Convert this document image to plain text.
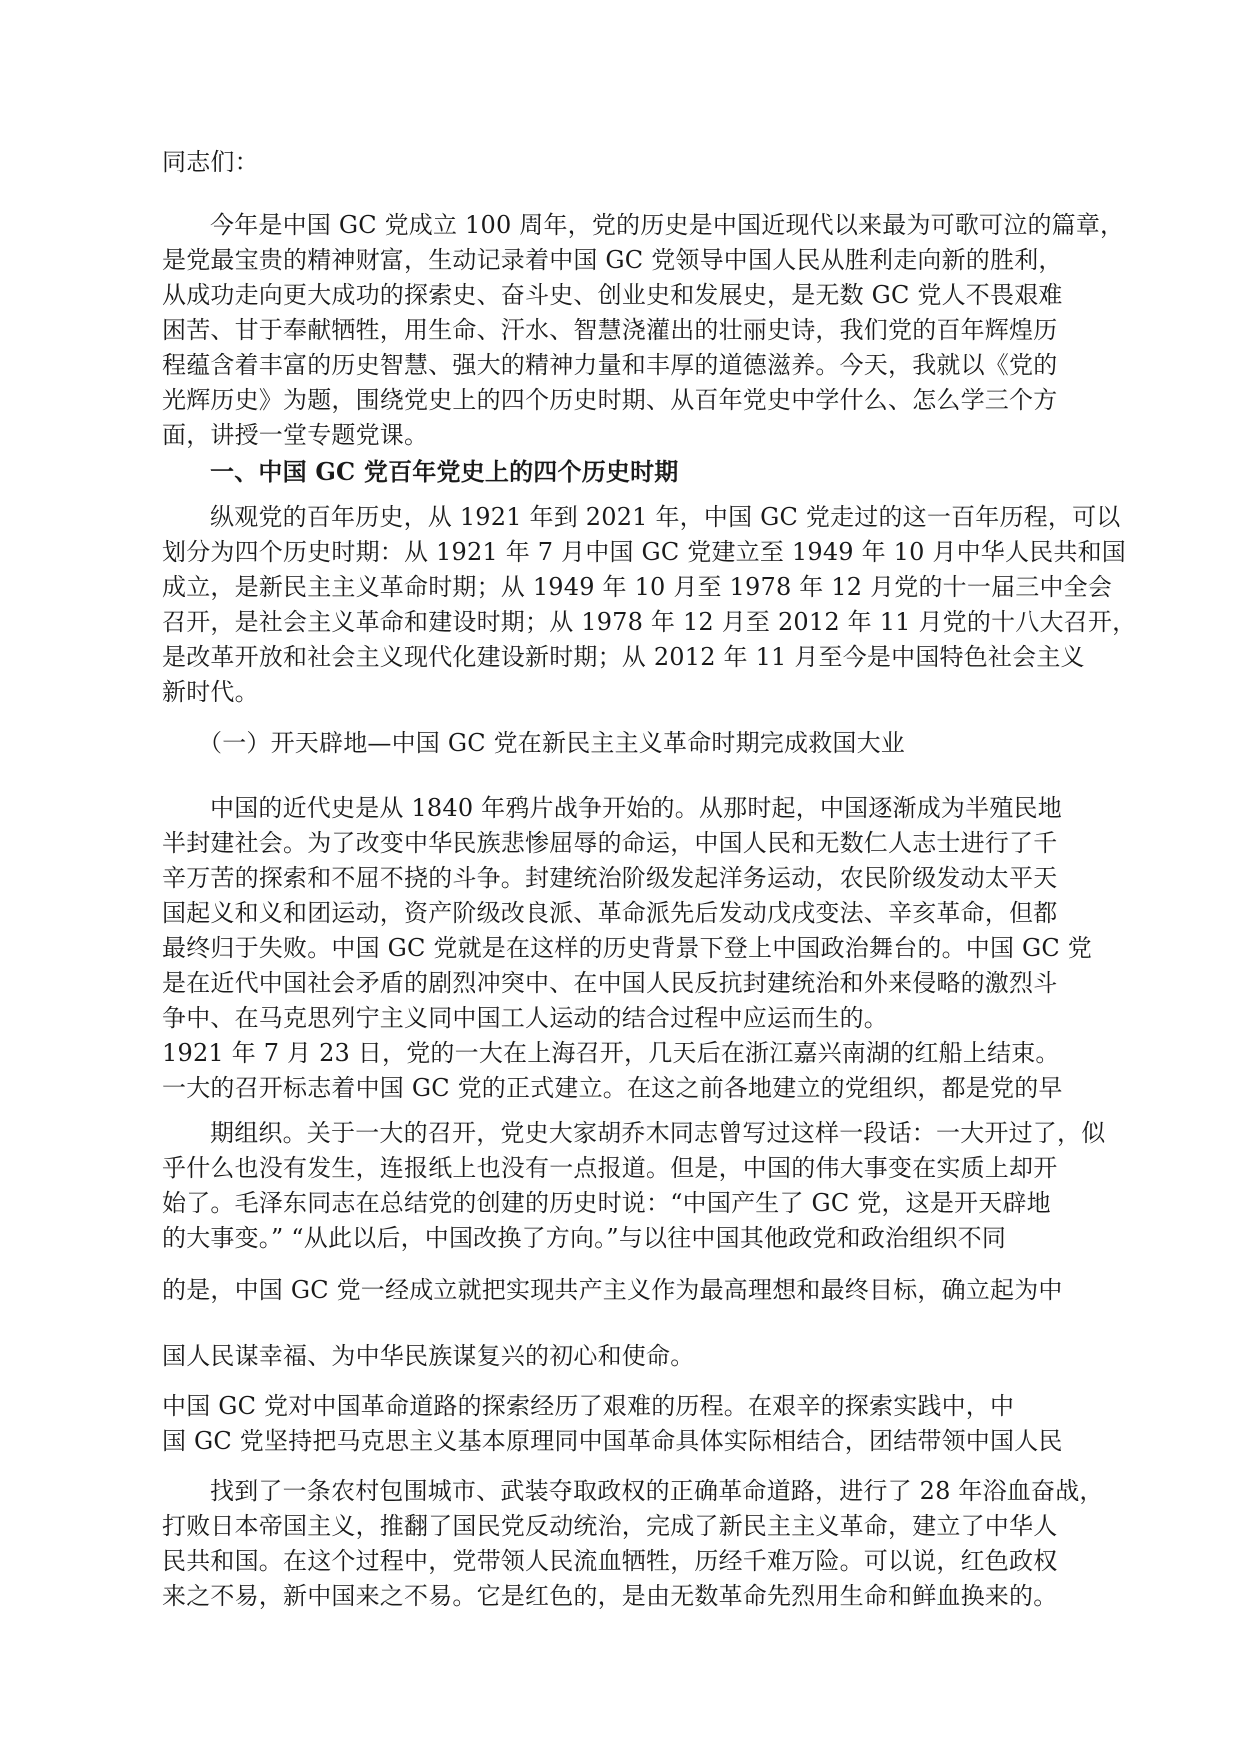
同志们：
今年是中国 GC 党成立 100 周年，党的历史是中国近现代以来最为可歌可泣的篇章，
是党最宝贵的精神财富，生动记录着中国 GC 党领导中国人民从胜利走向新的胜利，
从成功走向更大成功的探索史、奋斗史、创业史和发展史，是无数 GC 党人不畏艰难
困苦、甘于奉献牺牲，用生命、汗水、智慧浇灌出的壮丽史诗，我们党的百年辉煌历
程蕴含着丰富的历史智慧、强大的精神力量和丰厚的道德滋养。今天，我就以《党的
光辉历史》为题，围绕党史上的四个历史时期、从百年党史中学什么、怎么学三个方
面，讲授一堂专题党课。
一、中国 GC 党百年党史上的四个历史时期
纵观党的百年历史，从 1921 年到 2021 年，中国 GC 党走过的这一百年历程，可以
划分为四个历史时期：从 1921 年 7 月中国 GC 党建立至 1949 年 10 月中华人民共和国
成立，是新民主主义革命时期；从 1949 年 10 月至 1978 年 12 月党的十一届三中全会
召开，是社会主义革命和建设时期；从 1978 年 12 月至 2012 年 11 月党的十八大召开，
是改革开放和社会主义现代化建设新时期；从 2012 年 11 月至今是中国特色社会主义
新时代。
（一）开天辟地—中国 GC 党在新民主主义革命时期完成救国大业
中国的近代史是从 1840 年鸦片战争开始的。从那时起，中国逐渐成为半殖民地
半封建社会。为了改变中华民族悲惨屈辱的命运，中国人民和无数仁人志士进行了千
辛万苦的探索和不屈不挠的斗争。封建统治阶级发起洋务运动，农民阶级发动太平天
国起义和义和团运动，资产阶级改良派、革命派先后发动戊戌变法、辛亥革命，但都
最终归于失败。中国 GC 党就是在这样的历史背景下登上中国政治舞台的。中国 GC 党
是在近代中国社会矛盾的剧烈冲突中、在中国人民反抗封建统治和外来侵略的激烈斗
争中、在马克思列宁主义同中国工人运动的结合过程中应运而生的。
1921 年 7 月 23 日，党的一大在上海召开，几天后在浙江嘉兴南湖的红船上结束。
一大的召开标志着中国 GC 党的正式建立。在这之前各地建立的党组织，都是党的早
期组织。关于一大的召开，党史大家胡乔木同志曾写过这样一段话：一大开过了，似
乎什么也没有发生，连报纸上也没有一点报道。但是，中国的伟大事变在实质上却开
始了。毛泽东同志在总结党的创建的历史时说：“中国产生了 GC 党，这是开天辟地
的大事变。” “从此以后，中国改换了方向。”与以往中国其他政党和政治组织不同
的是，中国 GC 党一经成立就把实现共产主义作为最高理想和最终目标，确立起为中
国人民谋幸福、为中华民族谋复兴的初心和使命。
中国 GC 党对中国革命道路的探索经历了艰难的历程。在艰辛的探索实践中，中
国 GC 党坚持把马克思主义基本原理同中国革命具体实际相结合，团结带领中国人民
找到了一条农村包围城市、武装夺取政权的正确革命道路，进行了 28 年浴血奋战，
打败日本帝国主义，推翻了国民党反动统治，完成了新民主主义革命，建立了中华人
民共和国。在这个过程中，党带领人民流血牺牲，历经千难万险。可以说，红色政权
来之不易，新中国来之不易。它是红色的，是由无数革命先烈用生命和鲜血换来的。
